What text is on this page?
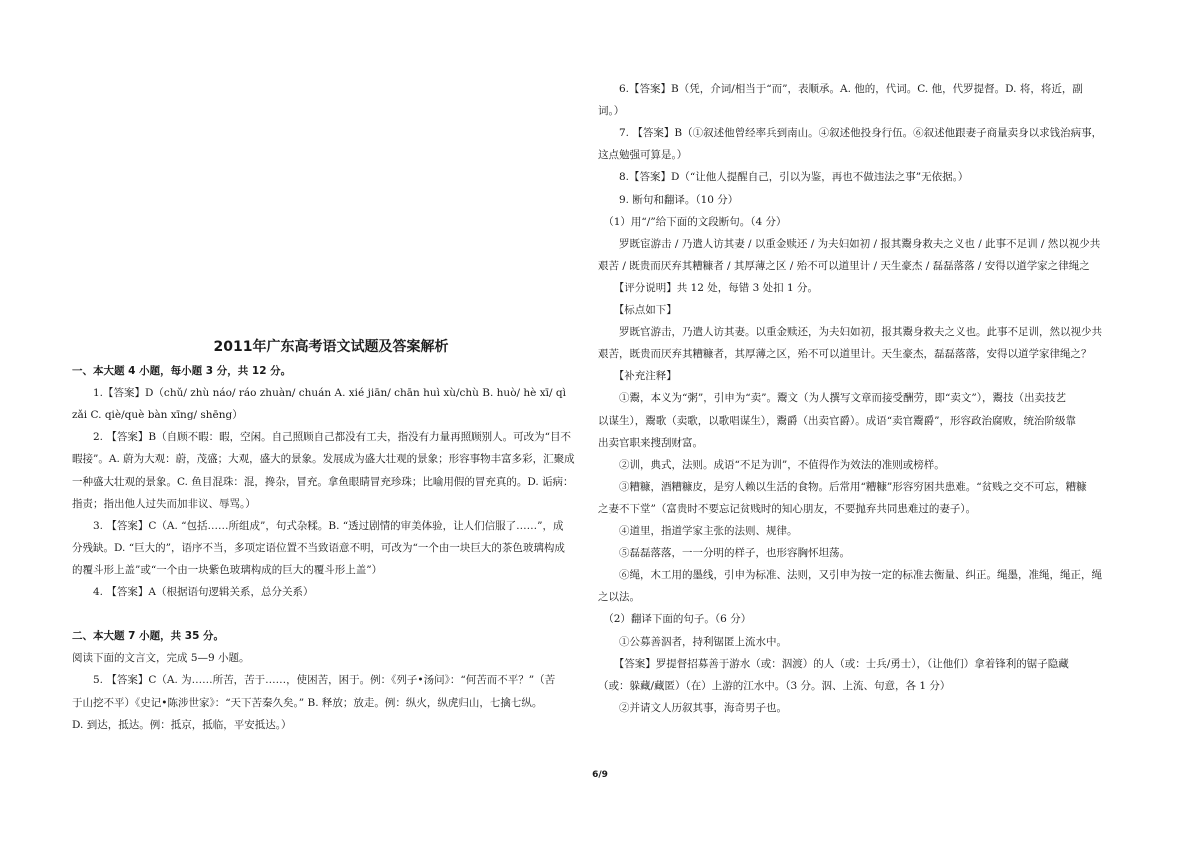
2011年广东高考语文试题及答案解析
一、本大题 4 小题，每小题 3 分，共 12 分。
　　1.【答案】D（chǔ/ zhù náo/ ráo zhuàn/ chuán A. xié jiān/ chān huì xù/chù B. huò/ hè xī/ qì
zǎi C. qiè/què bàn xīng/ shēng）
　　2. 【答案】B（自顾不暇：暇，空闲。自己照顾自己都没有工夫，指没有力量再照顾别人。可改为“目不
暇接”。A. 蔚为大观：蔚，茂盛；大观，盛大的景象。发展成为盛大壮观的景象；形容事物丰富多彩，汇聚成
一种盛大壮观的景象。C. 鱼目混珠：混，搀杂，冒充。拿鱼眼睛冒充珍珠；比喻用假的冒充真的。D. 诟病：
指责；指出他人过失而加非议、辱骂。）
　　3. 【答案】C（A. “包括……所组成”，句式杂糅。B. “透过剧情的审美体验，让人们信服了……”，成
分残缺。D. “巨大的”，语序不当，多项定语位置不当致语意不明，可改为“一个由一块巨大的茶色玻璃构成
的覆斗形上盖”或“一个由一块紫色玻璃构成的巨大的覆斗形上盖”）
　　4. 【答案】A（根据语句逻辑关系，总分关系）
二、本大题 7 小题，共 35 分。
阅读下面的文言文，完成 5—9 小题。
　　5. 【答案】C（A. 为……所苦，苦于……，使困苦，困于。例：《列子•汤问》：“何苦而不平？”（苦
于山挖不平）《史记•陈涉世家》：“天下苦秦久矣。” B. 释放；放走。例：纵火，纵虎归山，七擒七纵。
D. 到达，抵达。例：抵京，抵临，平安抵达。）
　　6.【答案】B（凭，介词/相当于“而”，表顺承。A. 他的，代词。C. 他，代罗提督。D. 将，将近，副
词。）
　　7. 【答案】B（①叙述他曾经率兵到南山。④叙述他投身行伍。⑥叙述他跟妻子商量卖身以求钱治病事，
这点勉强可算是。）
　　8.【答案】D（“让他人提醒自己，引以为鉴，再也不做违法之事”无依据。）
　　9. 断句和翻译。（10 分）
　（1）用“/”给下面的文段断句。（4 分）
　　罗既宦游击 / 乃遣人访其妻 / 以重金赎还 / 为夫妇如初 / 报其鬻身救夫之义也 / 此事不足训 / 然以视少共
艰苦 / 既贵而厌弃其糟糠者 / 其厚薄之区 / 殆不可以道里计 / 天生豪杰 / 磊磊落落 / 安得以道学家之律绳之
　　【评分说明】共 12 处，每错 3 处扣 1 分。
　　【标点如下】
　　罗既官游击，乃遣人访其妻。以重金赎还，为夫妇如初，报其鬻身救夫之义也。此事不足训，然以视少共
艰苦，既贵而厌弃其糟糠者，其厚薄之区，殆不可以道里计。天生豪杰，磊磊落落，安得以道学家律绳之？
　　【补充注释】
　　①鬻，本义为“粥”，引申为“卖”。鬻文（为人撰写文章而接受酬劳，即“卖文”），鬻技（出卖技艺
以谋生），鬻歌（卖歌，以歌唱谋生），鬻爵（出卖官爵）。成语“卖官鬻爵”，形容政治腐败，统治阶级靠
出卖官职来搜刮财富。
　　②训，典式，法则。成语“不足为训”，不值得作为效法的准则或榜样。
　　③糟糠，酒糟糠皮，是穷人赖以生活的食物。后常用“糟糠”形容穷困共患难。“贫贱之交不可忘，糟糠
之妻不下堂”（富贵时不要忘记贫贱时的知心朋友，不要抛弃共同患难过的妻子）。
　　④道里，指道学家主张的法则、规律。
　　⑤磊磊落落，一一分明的样子，也形容胸怀坦荡。
　　⑥绳，木工用的墨线，引申为标准、法则，又引申为按一定的标准去衡量、纠正。绳墨，准绳，绳正，绳
之以法。
　（2）翻译下面的句子。（6 分）
　　①公募善泅者，持利锯匿上流水中。
　　【答案】罗提督招募善于游水（或：泅渡）的人（或：士兵/勇士），（让他们）拿着锋利的锯子隐藏
（或：躲藏/藏匿）（在）上游的江水中。（3 分。泅、上流、句意，各 1 分）
　　②并请文人历叙其事，海奇男子也。
6/9
